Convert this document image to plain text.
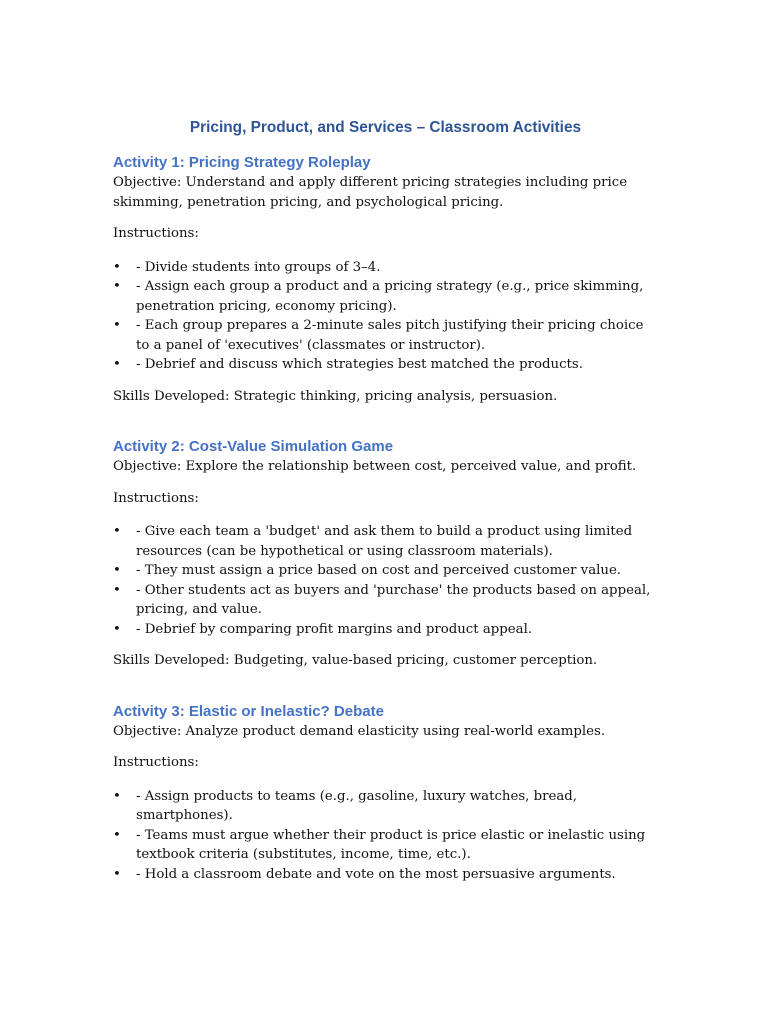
Pricing, Product, and Services – Classroom Activities
Activity 1: Pricing Strategy Roleplay

Objective: Understand and apply different pricing strategies including price skimming, penetration pricing, and psychological pricing.

Instructions:

• - Divide students into groups of 3–4.
• - Assign each group a product and a pricing strategy (e.g., price skimming, penetration pricing, economy pricing).
• - Each group prepares a 2-minute sales pitch justifying their pricing choice to a panel of 'executives' (classmates or instructor).
• - Debrief and discuss which strategies best matched the products.

Skills Developed: Strategic thinking, pricing analysis, persuasion.

Activity 2: Cost-Value Simulation Game

Objective: Explore the relationship between cost, perceived value, and profit.

Instructions:

• - Give each team a 'budget' and ask them to build a product using limited resources (can be hypothetical or using classroom materials).
• - They must assign a price based on cost and perceived customer value.
• - Other students act as buyers and 'purchase' the products based on appeal, pricing, and value.
• - Debrief by comparing profit margins and product appeal.

Skills Developed: Budgeting, value-based pricing, customer perception.

Activity 3: Elastic or Inelastic? Debate

Objective: Analyze product demand elasticity using real-world examples.

Instructions:

• - Assign products to teams (e.g., gasoline, luxury watches, bread, smartphones).
• - Teams must argue whether their product is price elastic or inelastic using textbook criteria (substitutes, income, time, etc.).
• - Hold a classroom debate and vote on the most persuasive arguments.
